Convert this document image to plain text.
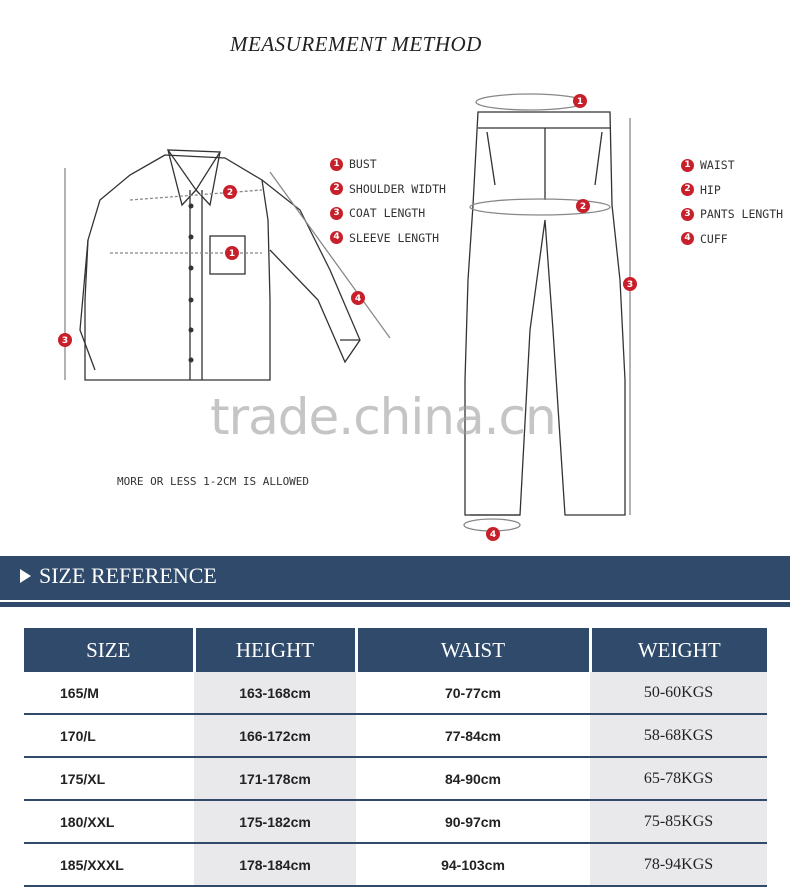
MEASUREMENT METHOD
1
2
3
4
1
2
3
4
1 BUST
2 SHOULDER WIDTH
3 COAT LENGTH
4 SLEEVE LENGTH
1 WAIST
2 HIP
3 PANTS LENGTH
4 CUFF
MORE OR LESS 1-2CM IS ALLOWED
trade.china.cn
SIZE REFERENCE
SIZE	HEIGHT	WAIST	WEIGHT
165/M	163-168cm	70-77cm	50-60KGS
170/L	166-172cm	77-84cm	58-68KGS
175/XL	171-178cm	84-90cm	65-78KGS
180/XXL	175-182cm	90-97cm	75-85KGS
185/XXXL	178-184cm	94-103cm	78-94KGS
